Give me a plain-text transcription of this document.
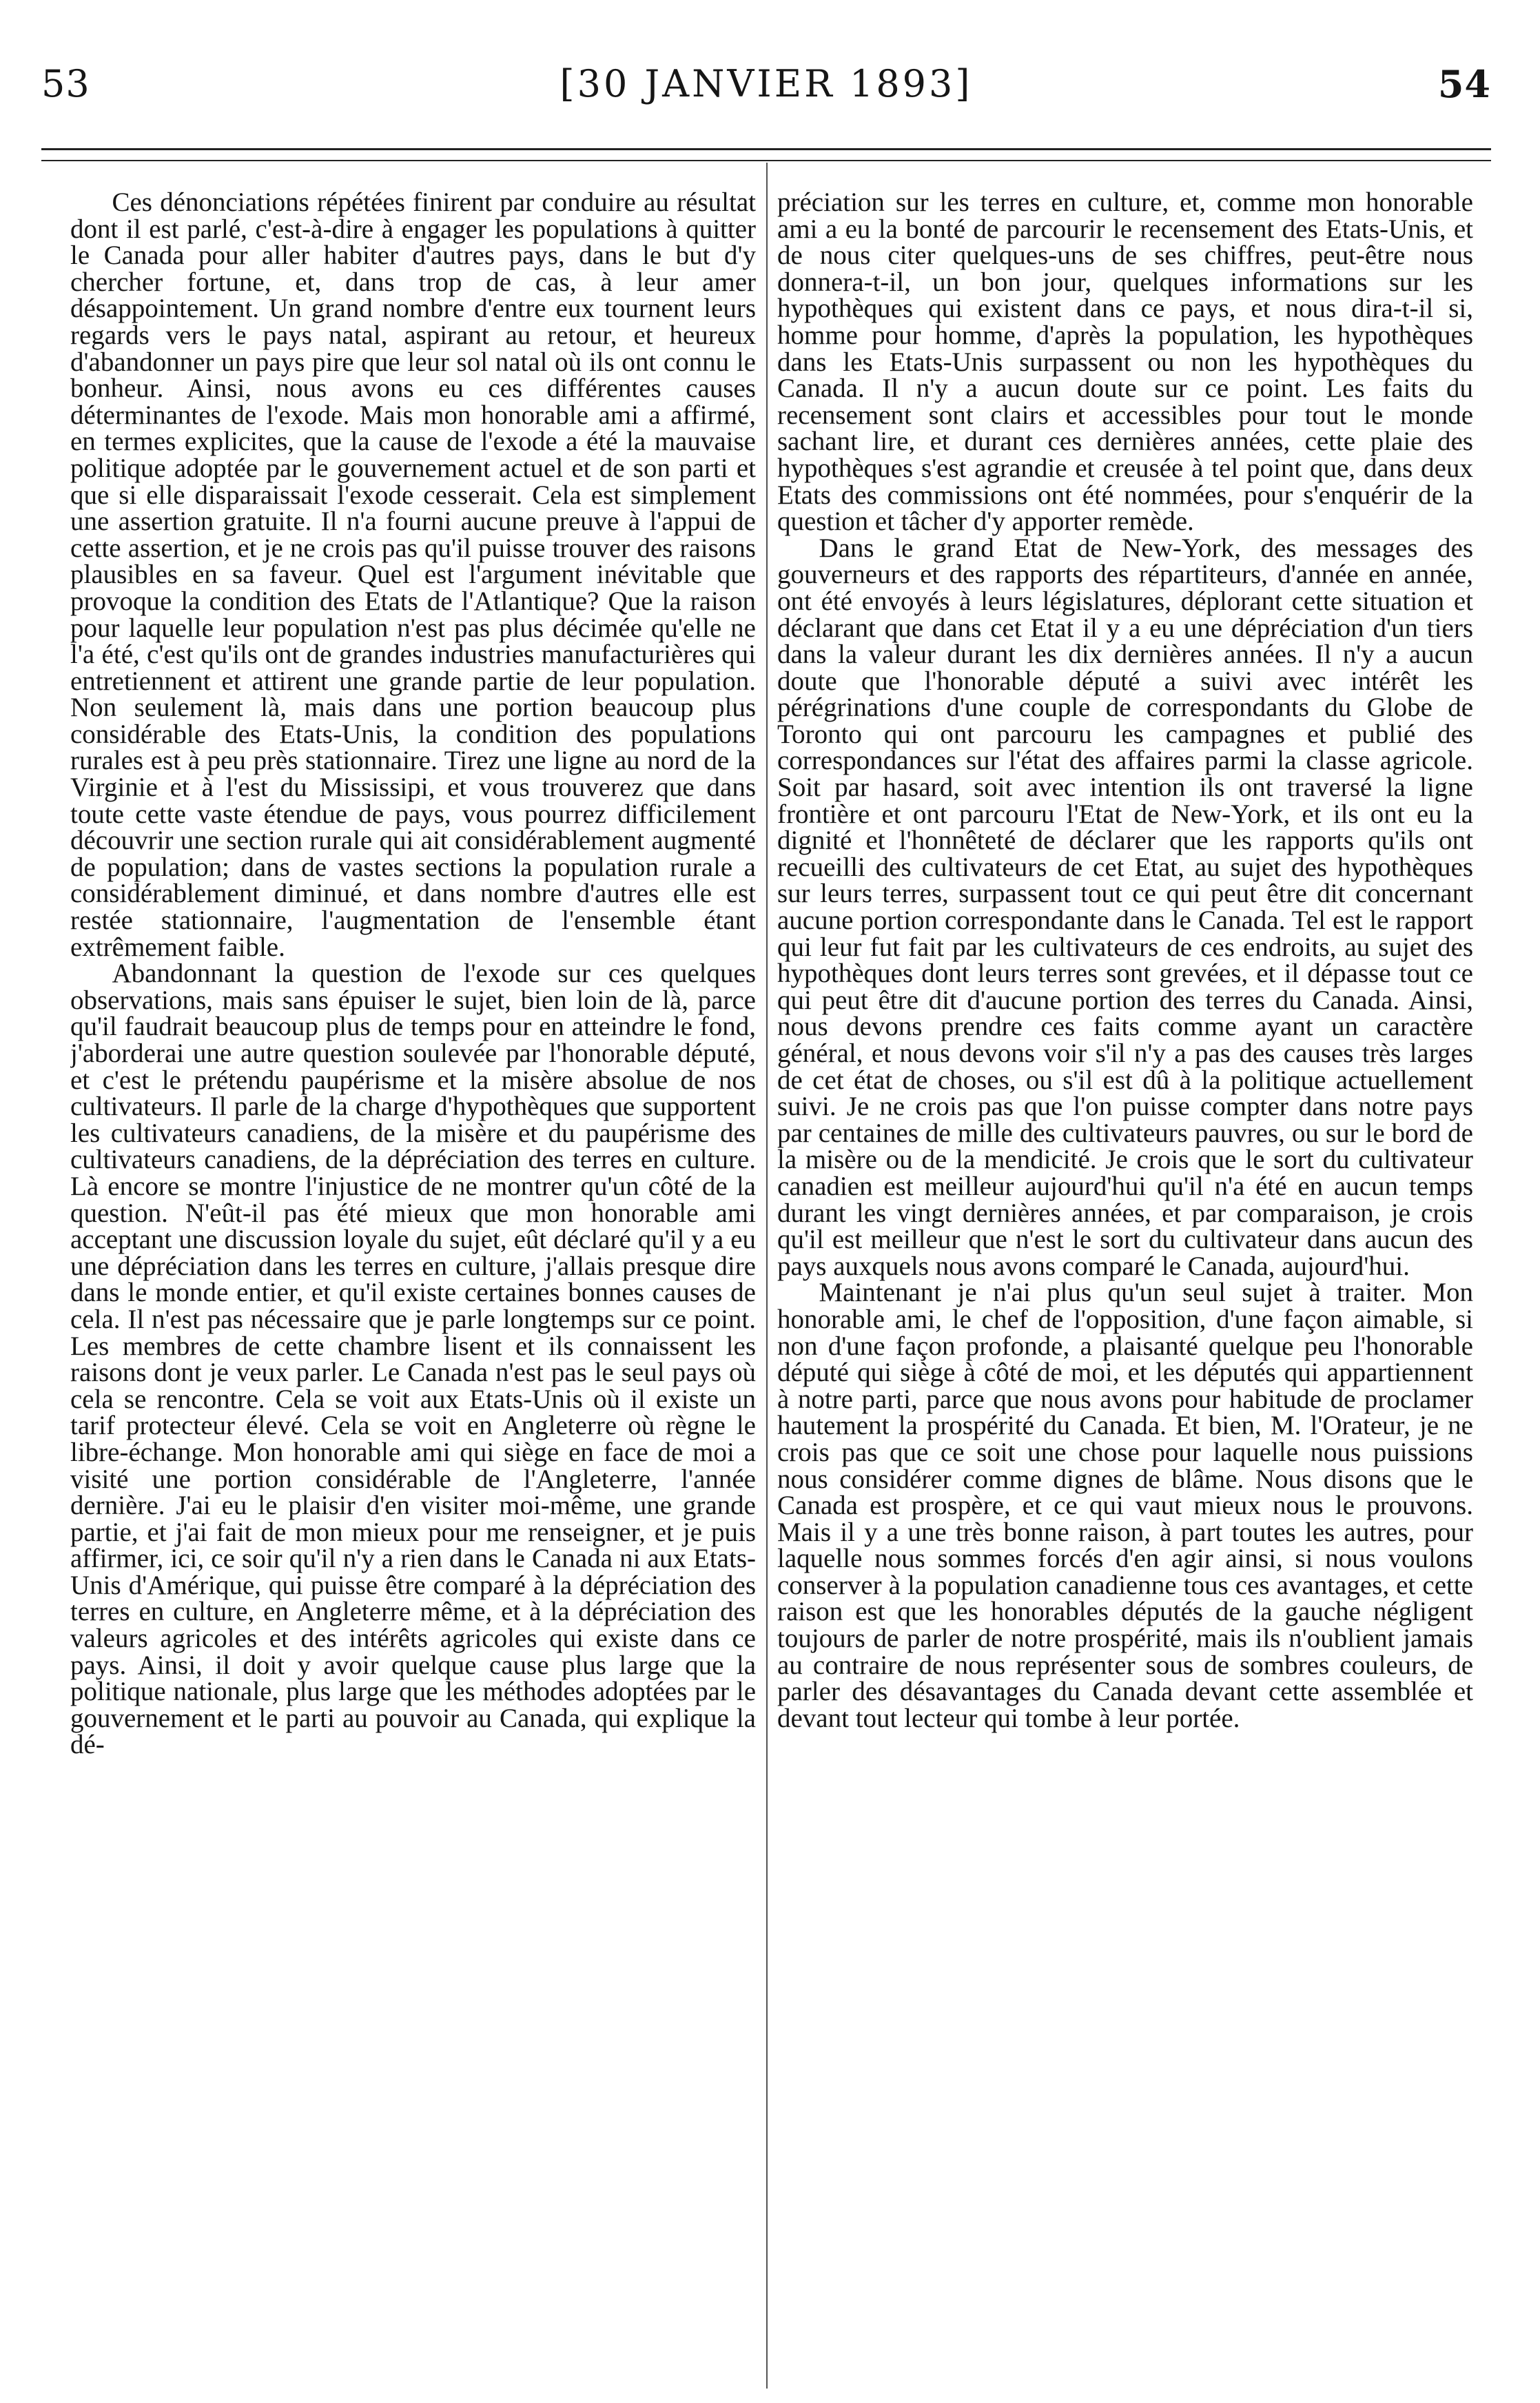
53	[30 JANVIER 1893]	54

Ces dénonciations répétées finirent par conduire au résultat dont il est parlé, c'est-à-dire à engager les populations à quitter le Canada pour aller habiter d'autres pays, dans le but d'y chercher fortune, et, dans trop de cas, à leur amer désappointement. Un grand nombre d'entre eux tournent leurs regards vers le pays natal, aspirant au retour, et heureux d'abandonner un pays pire que leur sol natal où ils ont connu le bonheur. Ainsi, nous avons eu ces différentes causes déterminantes de l'exode. Mais mon honorable ami a affirmé, en termes explicites, que la cause de l'exode a été la mauvaise politique adoptée par le gouvernement actuel et de son parti et que si elle disparaissait l'exode cesserait. Cela est simplement une assertion gratuite. Il n'a fourni aucune preuve à l'appui de cette assertion, et je ne crois pas qu'il puisse trouver des raisons plausibles en sa faveur. Quel est l'argument inévitable que provoque la condition des Etats de l'Atlantique? Que la raison pour laquelle leur population n'est pas plus décimée qu'elle ne l'a été, c'est qu'ils ont de grandes industries manufacturières qui entretiennent et attirent une grande partie de leur population. Non seulement là, mais dans une portion beaucoup plus considérable des Etats-Unis, la condition des populations rurales est à peu près stationnaire. Tirez une ligne au nord de la Virginie et à l'est du Mississipi, et vous trouverez que dans toute cette vaste étendue de pays, vous pourrez difficilement découvrir une section rurale qui ait considérablement augmenté de population; dans de vastes sections la population rurale a considérablement diminué, et dans nombre d'autres elle est restée stationnaire, l'augmentation de l'ensemble étant extrêmement faible.

Abandonnant la question de l'exode sur ces quelques observations, mais sans épuiser le sujet, bien loin de là, parce qu'il faudrait beaucoup plus de temps pour en atteindre le fond, j'aborderai une autre question soulevée par l'honorable député, et c'est le prétendu paupérisme et la misère absolue de nos cultivateurs. Il parle de la charge d'hypothèques que supportent les cultivateurs canadiens, de la misère et du paupérisme des cultivateurs canadiens, de la dépréciation des terres en culture. Là encore se montre l'injustice de ne montrer qu'un côté de la question. N'eût-il pas été mieux que mon honorable ami acceptant une discussion loyale du sujet, eût déclaré qu'il y a eu une dépréciation dans les terres en culture, j'allais presque dire dans le monde entier, et qu'il existe certaines bonnes causes de cela. Il n'est pas nécessaire que je parle longtemps sur ce point. Les membres de cette chambre lisent et ils connaissent les raisons dont je veux parler. Le Canada n'est pas le seul pays où cela se rencontre. Cela se voit aux Etats-Unis où il existe un tarif protecteur élevé. Cela se voit en Angleterre où règne le libre-échange. Mon honorable ami qui siège en face de moi a visité une portion considérable de l'Angleterre, l'année dernière. J'ai eu le plaisir d'en visiter moi-même, une grande partie, et j'ai fait de mon mieux pour me renseigner, et je puis affirmer, ici, ce soir qu'il n'y a rien dans le Canada ni aux Etats-Unis d'Amérique, qui puisse être comparé à la dépréciation des terres en culture, en Angleterre même, et à la dépréciation des valeurs agricoles et des intérêts agricoles qui existe dans ce pays. Ainsi, il doit y avoir quelque cause plus large que la politique nationale, plus large que les méthodes adoptées par le gouvernement et le parti au pouvoir au Canada, qui explique la dé-

préciation sur les terres en culture, et, comme mon honorable ami a eu la bonté de parcourir le recensement des Etats-Unis, et de nous citer quelques-uns de ses chiffres, peut-être nous donnera-t-il, un bon jour, quelques informations sur les hypothèques qui existent dans ce pays, et nous dira-t-il si, homme pour homme, d'après la population, les hypothèques dans les Etats-Unis surpassent ou non les hypothèques du Canada. Il n'y a aucun doute sur ce point. Les faits du recensement sont clairs et accessibles pour tout le monde sachant lire, et durant ces dernières années, cette plaie des hypothèques s'est agrandie et creusée à tel point que, dans deux Etats des commissions ont été nommées, pour s'enquérir de la question et tâcher d'y apporter remède.

Dans le grand Etat de New-York, des messages des gouverneurs et des rapports des répartiteurs, d'année en année, ont été envoyés à leurs législatures, déplorant cette situation et déclarant que dans cet Etat il y a eu une dépréciation d'un tiers dans la valeur durant les dix dernières années. Il n'y a aucun doute que l'honorable député a suivi avec intérêt les pérégrinations d'une couple de correspondants du Globe de Toronto qui ont parcouru les campagnes et publié des correspondances sur l'état des affaires parmi la classe agricole. Soit par hasard, soit avec intention ils ont traversé la ligne frontière et ont parcouru l'Etat de New-York, et ils ont eu la dignité et l'honnêteté de déclarer que les rapports qu'ils ont recueilli des cultivateurs de cet Etat, au sujet des hypothèques sur leurs terres, surpassent tout ce qui peut être dit concernant aucune portion correspondante dans le Canada. Tel est le rapport qui leur fut fait par les cultivateurs de ces endroits, au sujet des hypothèques dont leurs terres sont grevées, et il dépasse tout ce qui peut être dit d'aucune portion des terres du Canada. Ainsi, nous devons prendre ces faits comme ayant un caractère général, et nous devons voir s'il n'y a pas des causes très larges de cet état de choses, ou s'il est dû à la politique actuellement suivi. Je ne crois pas que l'on puisse compter dans notre pays par centaines de mille des cultivateurs pauvres, ou sur le bord de la misère ou de la mendicité. Je crois que le sort du cultivateur canadien est meilleur aujourd'hui qu'il n'a été en aucun temps durant les vingt dernières années, et par comparaison, je crois qu'il est meilleur que n'est le sort du cultivateur dans aucun des pays auxquels nous avons comparé le Canada, aujourd'hui.

Maintenant je n'ai plus qu'un seul sujet à traiter. Mon honorable ami, le chef de l'opposition, d'une façon aimable, si non d'une façon profonde, a plaisanté quelque peu l'honorable député qui siège à côté de moi, et les députés qui appartiennent à notre parti, parce que nous avons pour habitude de proclamer hautement la prospérité du Canada. Et bien, M. l'Orateur, je ne crois pas que ce soit une chose pour laquelle nous puissions nous considérer comme dignes de blâme. Nous disons que le Canada est prospère, et ce qui vaut mieux nous le prouvons. Mais il y a une très bonne raison, à part toutes les autres, pour laquelle nous sommes forcés d'en agir ainsi, si nous voulons conserver à la population canadienne tous ces avantages, et cette raison est que les honorables députés de la gauche négligent toujours de parler de notre prospérité, mais ils n'oublient jamais au contraire de nous représenter sous de sombres couleurs, de parler des désavantages du Canada devant cette assemblée et devant tout lecteur qui tombe à leur portée.
